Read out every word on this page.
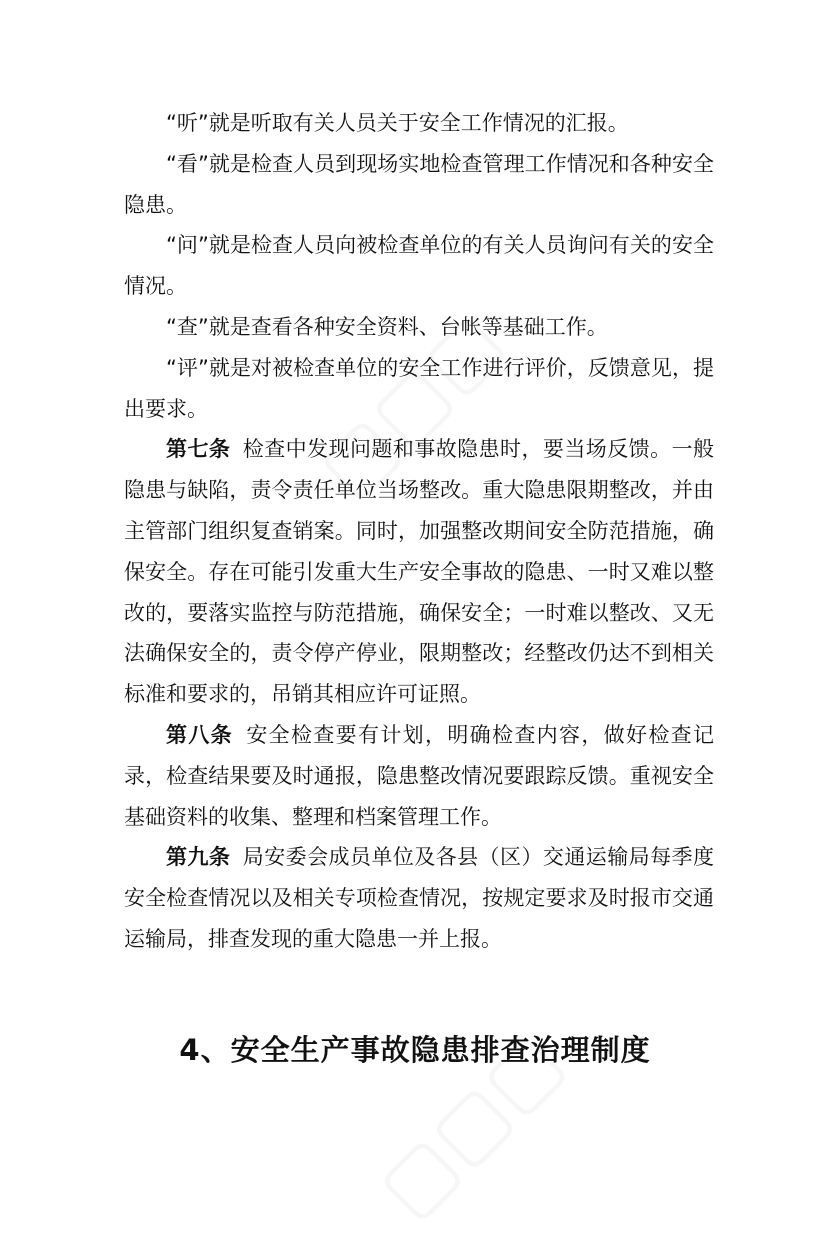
“听”就是听取有关人员关于安全工作情况的汇报。

“看”就是检查人员到现场实地检查管理工作情况和各种安全隐患。

“问”就是检查人员向被检查单位的有关人员询问有关的安全情况。

“查”就是查看各种安全资料、台帐等基础工作。

“评”就是对被检查单位的安全工作进行评价，反馈意见，提出要求。

第七条 检查中发现问题和事故隐患时，要当场反馈。一般隐患与缺陷，责令责任单位当场整改。重大隐患限期整改，并由主管部门组织复查销案。同时，加强整改期间安全防范措施，确保安全。存在可能引发重大生产安全事故的隐患、一时又难以整改的，要落实监控与防范措施，确保安全；一时难以整改、又无法确保安全的，责令停产停业，限期整改；经整改仍达不到相关标准和要求的，吊销其相应许可证照。

第八条 安全检查要有计划，明确检查内容，做好检查记录，检查结果要及时通报，隐患整改情况要跟踪反馈。重视安全基础资料的收集、整理和档案管理工作。

第九条 局安委会成员单位及各县（区）交通运输局每季度安全检查情况以及相关专项检查情况，按规定要求及时报市交通运输局，排查发现的重大隐患一并上报。

4、安全生产事故隐患排查治理制度
